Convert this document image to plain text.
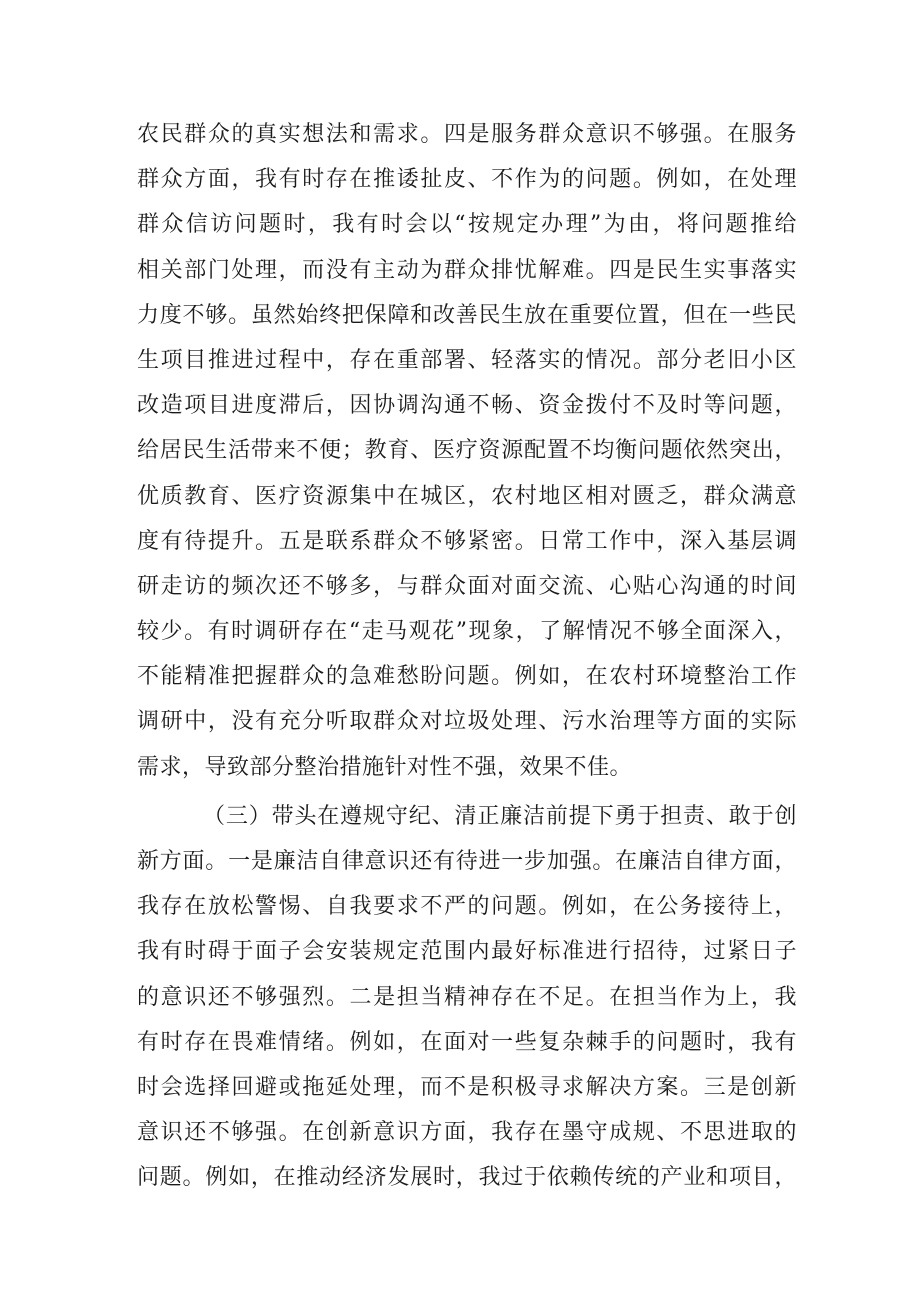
农民群众的真实想法和需求。四是服务群众意识不够强。在服务
群众方面，我有时存在推诿扯皮、不作为的问题。例如，在处理
群众信访问题时，我有时会以“按规定办理”为由，将问题推给
相关部门处理，而没有主动为群众排忧解难。四是民生实事落实
力度不够。虽然始终把保障和改善民生放在重要位置，但在一些民
生项目推进过程中，存在重部署、轻落实的情况。部分老旧小区
改造项目进度滞后，因协调沟通不畅、资金拨付不及时等问题，
给居民生活带来不便；教育、医疗资源配置不均衡问题依然突出，
优质教育、医疗资源集中在城区，农村地区相对匮乏，群众满意
度有待提升。五是联系群众不够紧密。日常工作中，深入基层调
研走访的频次还不够多，与群众面对面交流、心贴心沟通的时间
较少。有时调研存在“走马观花”现象，了解情况不够全面深入，
不能精准把握群众的急难愁盼问题。例如，在农村环境整治工作
调研中，没有充分听取群众对垃圾处理、污水治理等方面的实际
需求，导致部分整治措施针对性不强，效果不佳。
（三）带头在遵规守纪、清正廉洁前提下勇于担责、敢于创
新方面。一是廉洁自律意识还有待进一步加强。在廉洁自律方面，
我存在放松警惕、自我要求不严的问题。例如，在公务接待上，
我有时碍于面子会安装规定范围内最好标准进行招待，过紧日子
的意识还不够强烈。二是担当精神存在不足。在担当作为上，我
有时存在畏难情绪。例如，在面对一些复杂棘手的问题时，我有
时会选择回避或拖延处理，而不是积极寻求解决方案。三是创新
意识还不够强。在创新意识方面，我存在墨守成规、不思进取的
问题。例如，在推动经济发展时，我过于依赖传统的产业和项目，
